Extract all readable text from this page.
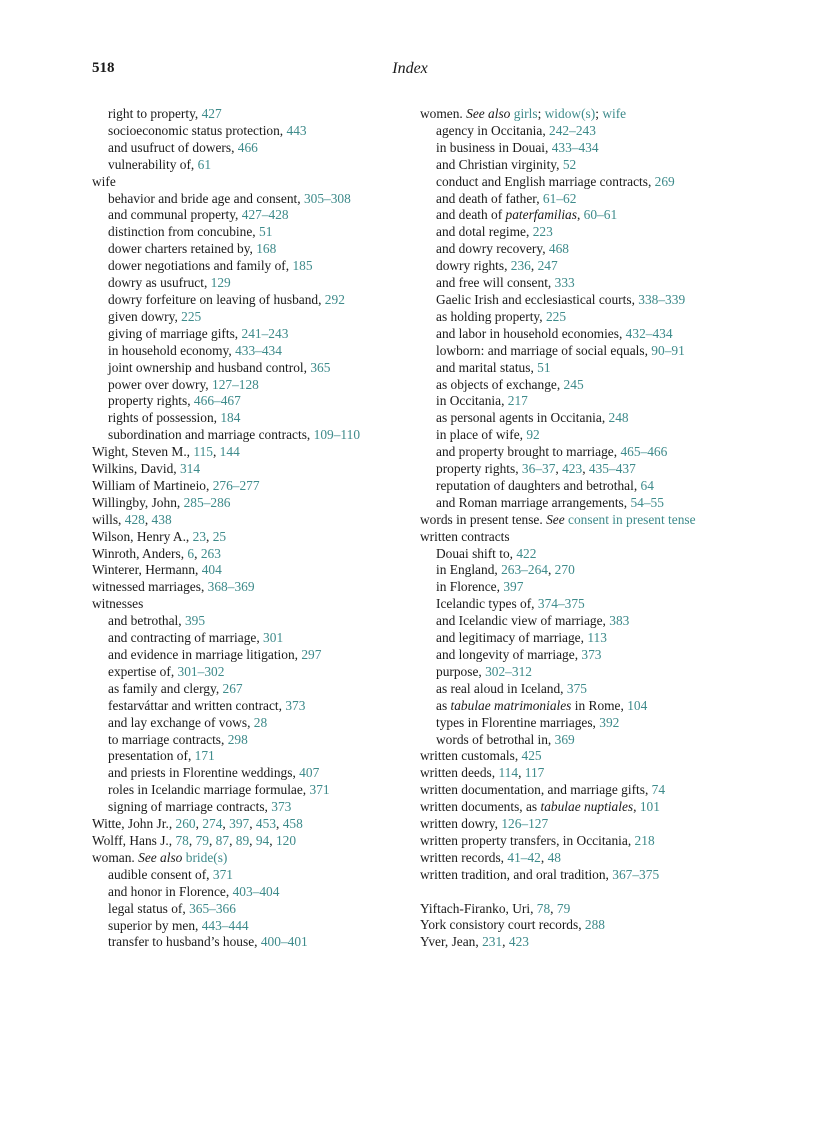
518	Index
right to property, 427
socioeconomic status protection, 443
and usufruct of dowers, 466
vulnerability of, 61
wife
behavior and bride age and consent, 305–308
and communal property, 427–428
distinction from concubine, 51
dower charters retained by, 168
dower negotiations and family of, 185
dowry as usufruct, 129
dowry forfeiture on leaving of husband, 292
given dowry, 225
giving of marriage gifts, 241–243
in household economy, 433–434
joint ownership and husband control, 365
power over dowry, 127–128
property rights, 466–467
rights of possession, 184
subordination and marriage contracts, 109–110
Wight, Steven M., 115, 144
Wilkins, David, 314
William of Martineio, 276–277
Willingby, John, 285–286
wills, 428, 438
Wilson, Henry A., 23, 25
Winroth, Anders, 6, 263
Winterer, Hermann, 404
witnessed marriages, 368–369
witnesses
and betrothal, 395
and contracting of marriage, 301
and evidence in marriage litigation, 297
expertise of, 301–302
as family and clergy, 267
festarváttar and written contract, 373
and lay exchange of vows, 28
to marriage contracts, 298
presentation of, 171
and priests in Florentine weddings, 407
roles in Icelandic marriage formulae, 371
signing of marriage contracts, 373
Witte, John Jr., 260, 274, 397, 453, 458
Wolff, Hans J., 78, 79, 87, 89, 94, 120
woman. See also bride(s)
audible consent of, 371
and honor in Florence, 403–404
legal status of, 365–366
superior by men, 443–444
transfer to husband’s house, 400–401
women. See also girls; widow(s); wife
agency in Occitania, 242–243
in business in Douai, 433–434
and Christian virginity, 52
conduct and English marriage contracts, 269
and death of father, 61–62
and death of paterfamilias, 60–61
and dotal regime, 223
and dowry recovery, 468
dowry rights, 236, 247
and free will consent, 333
Gaelic Irish and ecclesiastical courts, 338–339
as holding property, 225
and labor in household economies, 432–434
lowborn: and marriage of social equals, 90–91
and marital status, 51
as objects of exchange, 245
in Occitania, 217
as personal agents in Occitania, 248
in place of wife, 92
and property brought to marriage, 465–466
property rights, 36–37, 423, 435–437
reputation of daughters and betrothal, 64
and Roman marriage arrangements, 54–55
words in present tense. See consent in present tense
written contracts
Douai shift to, 422
in England, 263–264, 270
in Florence, 397
Icelandic types of, 374–375
and Icelandic view of marriage, 383
and legitimacy of marriage, 113
and longevity of marriage, 373
purpose, 302–312
as real aloud in Iceland, 375
as tabulae matrimoniales in Rome, 104
types in Florentine marriages, 392
words of betrothal in, 369
written customals, 425
written deeds, 114, 117
written documentation, and marriage gifts, 74
written documents, as tabulae nuptiales, 101
written dowry, 126–127
written property transfers, in Occitania, 218
written records, 41–42, 48
written tradition, and oral tradition, 367–375
Yiftach-Firanko, Uri, 78, 79
York consistory court records, 288
Yver, Jean, 231, 423
